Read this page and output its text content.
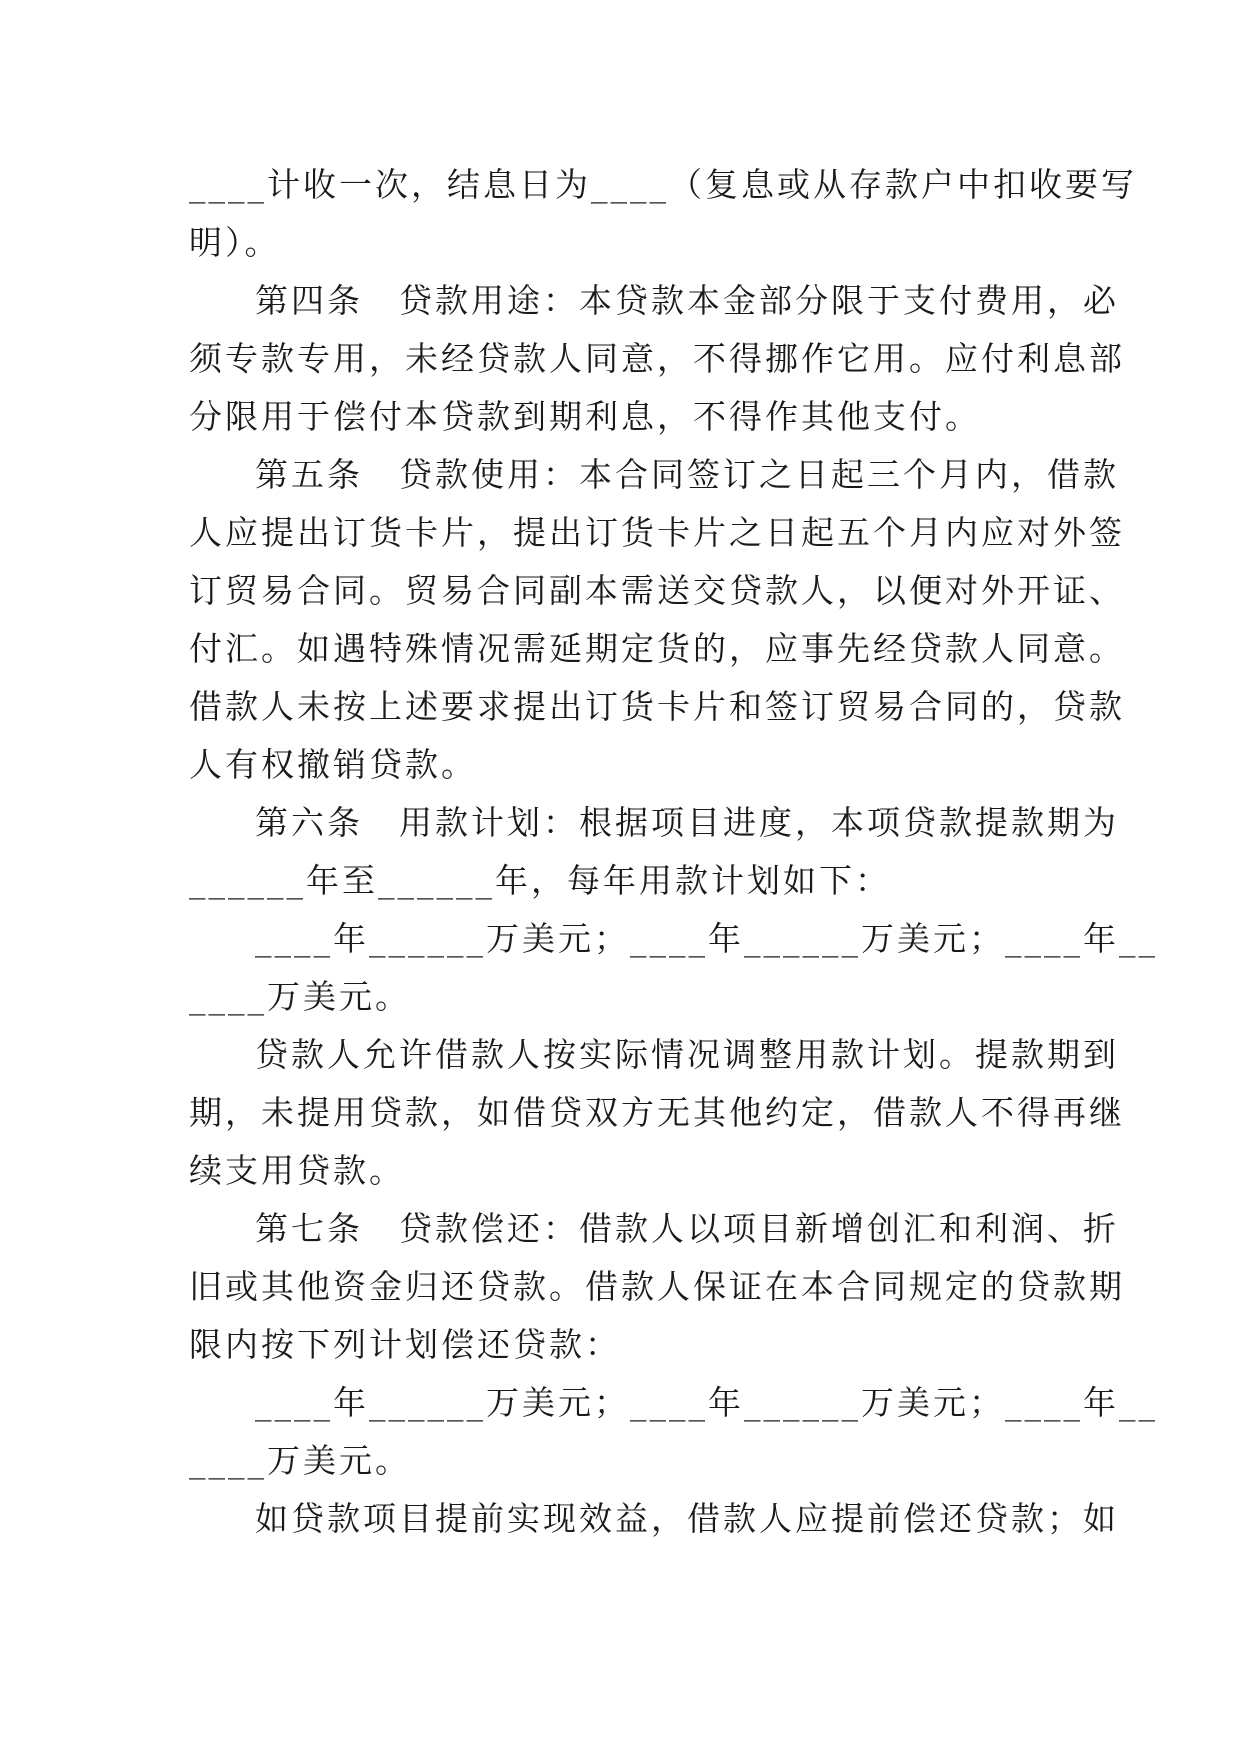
____计收一次，结息日为____（复息或从存款户中扣收要写
明）。
第四条　贷款用途：本贷款本金部分限于支付费用，必
须专款专用，未经贷款人同意，不得挪作它用。应付利息部
分限用于偿付本贷款到期利息，不得作其他支付。
第五条　贷款使用：本合同签订之日起三个月内，借款
人应提出订货卡片，提出订货卡片之日起五个月内应对外签
订贸易合同。贸易合同副本需送交贷款人，以便对外开证、
付汇。如遇特殊情况需延期定货的，应事先经贷款人同意。
借款人未按上述要求提出订货卡片和签订贸易合同的，贷款
人有权撤销贷款。
第六条　用款计划：根据项目进度，本项贷款提款期为
______年至______年，每年用款计划如下：
____年______万美元；____年______万美元；____年__
____万美元。
贷款人允许借款人按实际情况调整用款计划。提款期到
期，未提用贷款，如借贷双方无其他约定，借款人不得再继
续支用贷款。
第七条　贷款偿还：借款人以项目新增创汇和利润、折
旧或其他资金归还贷款。借款人保证在本合同规定的贷款期
限内按下列计划偿还贷款：
____年______万美元；____年______万美元；____年__
____万美元。
如贷款项目提前实现效益，借款人应提前偿还贷款；如
